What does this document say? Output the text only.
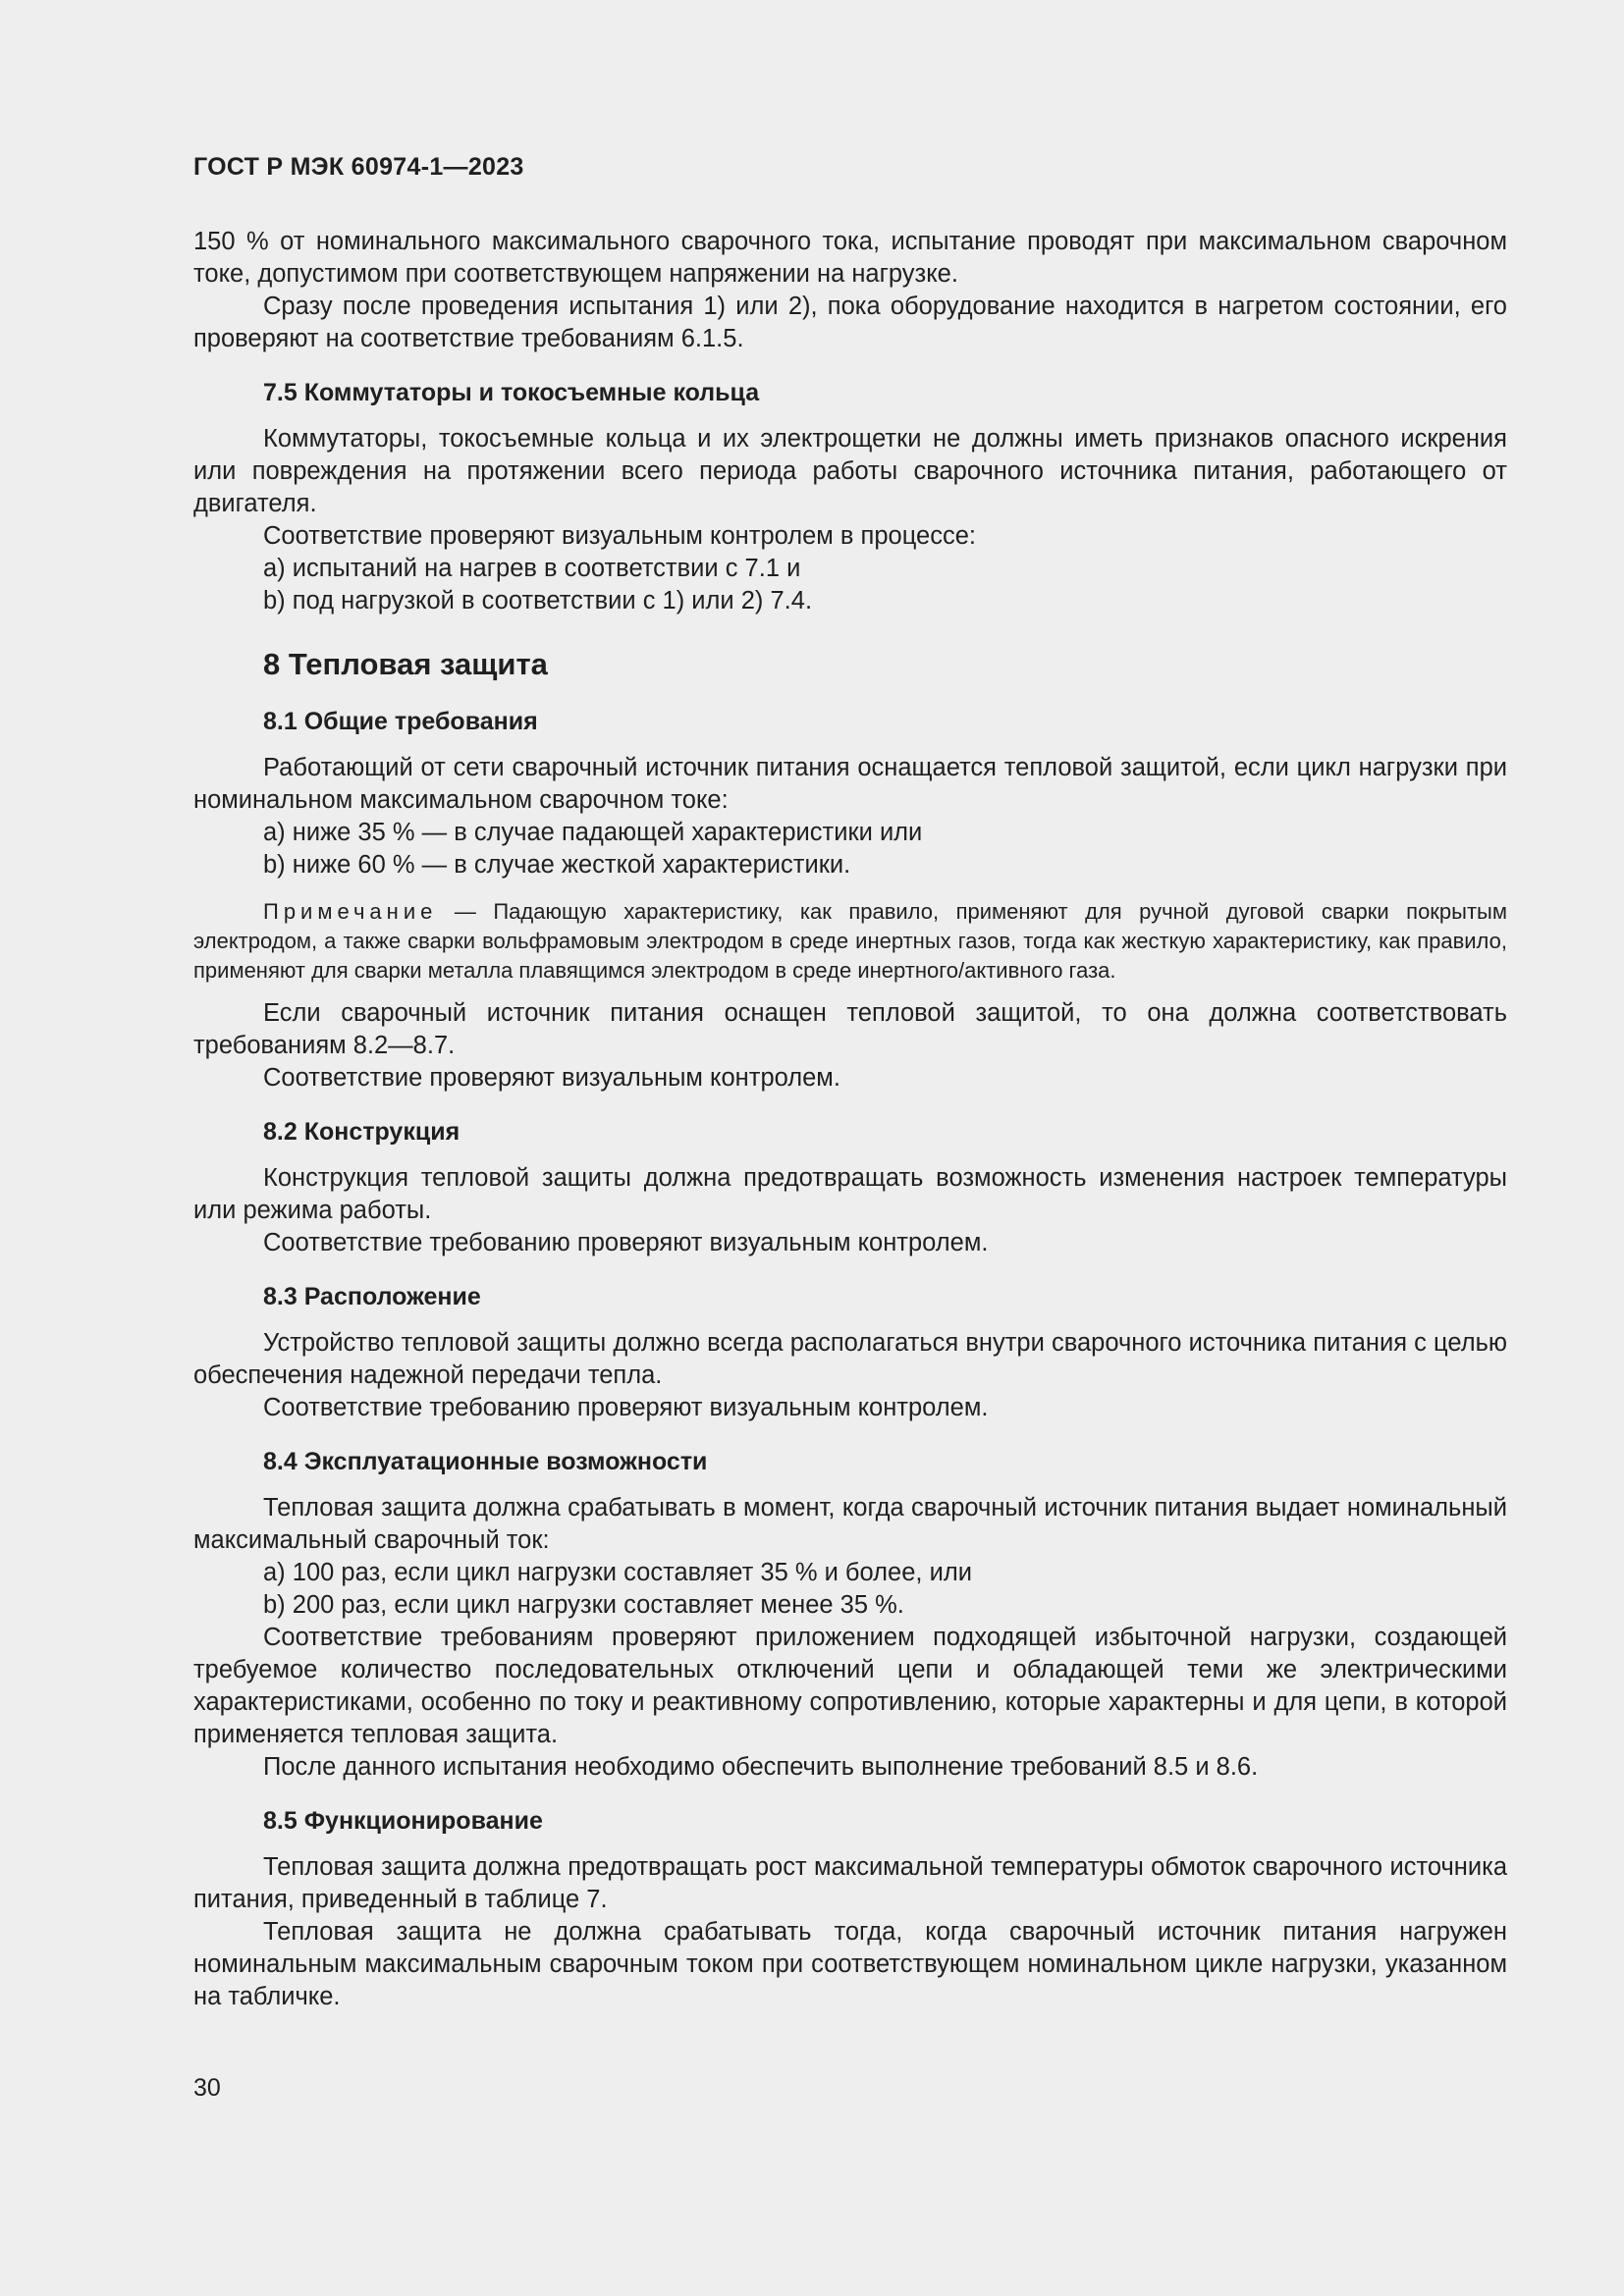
ГОСТ Р МЭК 60974-1—2023
150 % от номинального максимального сварочного тока, испытание проводят при максимальном сварочном токе, допустимом при соответствующем напряжении на нагрузке.
Сразу после проведения испытания 1) или 2), пока оборудование находится в нагретом состоянии, его проверяют на соответствие требованиям 6.1.5.
7.5 Коммутаторы и токосъемные кольца
Коммутаторы, токосъемные кольца и их электрощетки не должны иметь признаков опасного искрения или повреждения на протяжении всего периода работы сварочного источника питания, работающего от двигателя.
Соответствие проверяют визуальным контролем в процессе:
a) испытаний на нагрев в соответствии с 7.1 и
b) под нагрузкой в соответствии с 1) или 2) 7.4.
8 Тепловая защита
8.1 Общие требования
Работающий от сети сварочный источник питания оснащается тепловой защитой, если цикл нагрузки при номинальном максимальном сварочном токе:
a) ниже 35 % — в случае падающей характеристики или
b) ниже 60 % — в случае жесткой характеристики.
Примечание — Падающую характеристику, как правило, применяют для ручной дуговой сварки покрытым электродом, а также сварки вольфрамовым электродом в среде инертных газов, тогда как жесткую характеристику, как правило, применяют для сварки металла плавящимся электродом в среде инертного/активного газа.
Если сварочный источник питания оснащен тепловой защитой, то она должна соответствовать требованиям 8.2—8.7.
Соответствие проверяют визуальным контролем.
8.2 Конструкция
Конструкция тепловой защиты должна предотвращать возможность изменения настроек температуры или режима работы.
Соответствие требованию проверяют визуальным контролем.
8.3 Расположение
Устройство тепловой защиты должно всегда располагаться внутри сварочного источника питания с целью обеспечения надежной передачи тепла.
Соответствие требованию проверяют визуальным контролем.
8.4 Эксплуатационные возможности
Тепловая защита должна срабатывать в момент, когда сварочный источник питания выдает номинальный максимальный сварочный ток:
a) 100 раз, если цикл нагрузки составляет 35 % и более, или
b) 200 раз, если цикл нагрузки составляет менее 35 %.
Соответствие требованиям проверяют приложением подходящей избыточной нагрузки, создающей требуемое количество последовательных отключений цепи и обладающей теми же электрическими характеристиками, особенно по току и реактивному сопротивлению, которые характерны и для цепи, в которой применяется тепловая защита.
После данного испытания необходимо обеспечить выполнение требований 8.5 и 8.6.
8.5 Функционирование
Тепловая защита должна предотвращать рост максимальной температуры обмоток сварочного источника питания, приведенный в таблице 7.
Тепловая защита не должна срабатывать тогда, когда сварочный источник питания нагружен номинальным максимальным сварочным током при соответствующем номинальном цикле нагрузки, указанном на табличке.
30
